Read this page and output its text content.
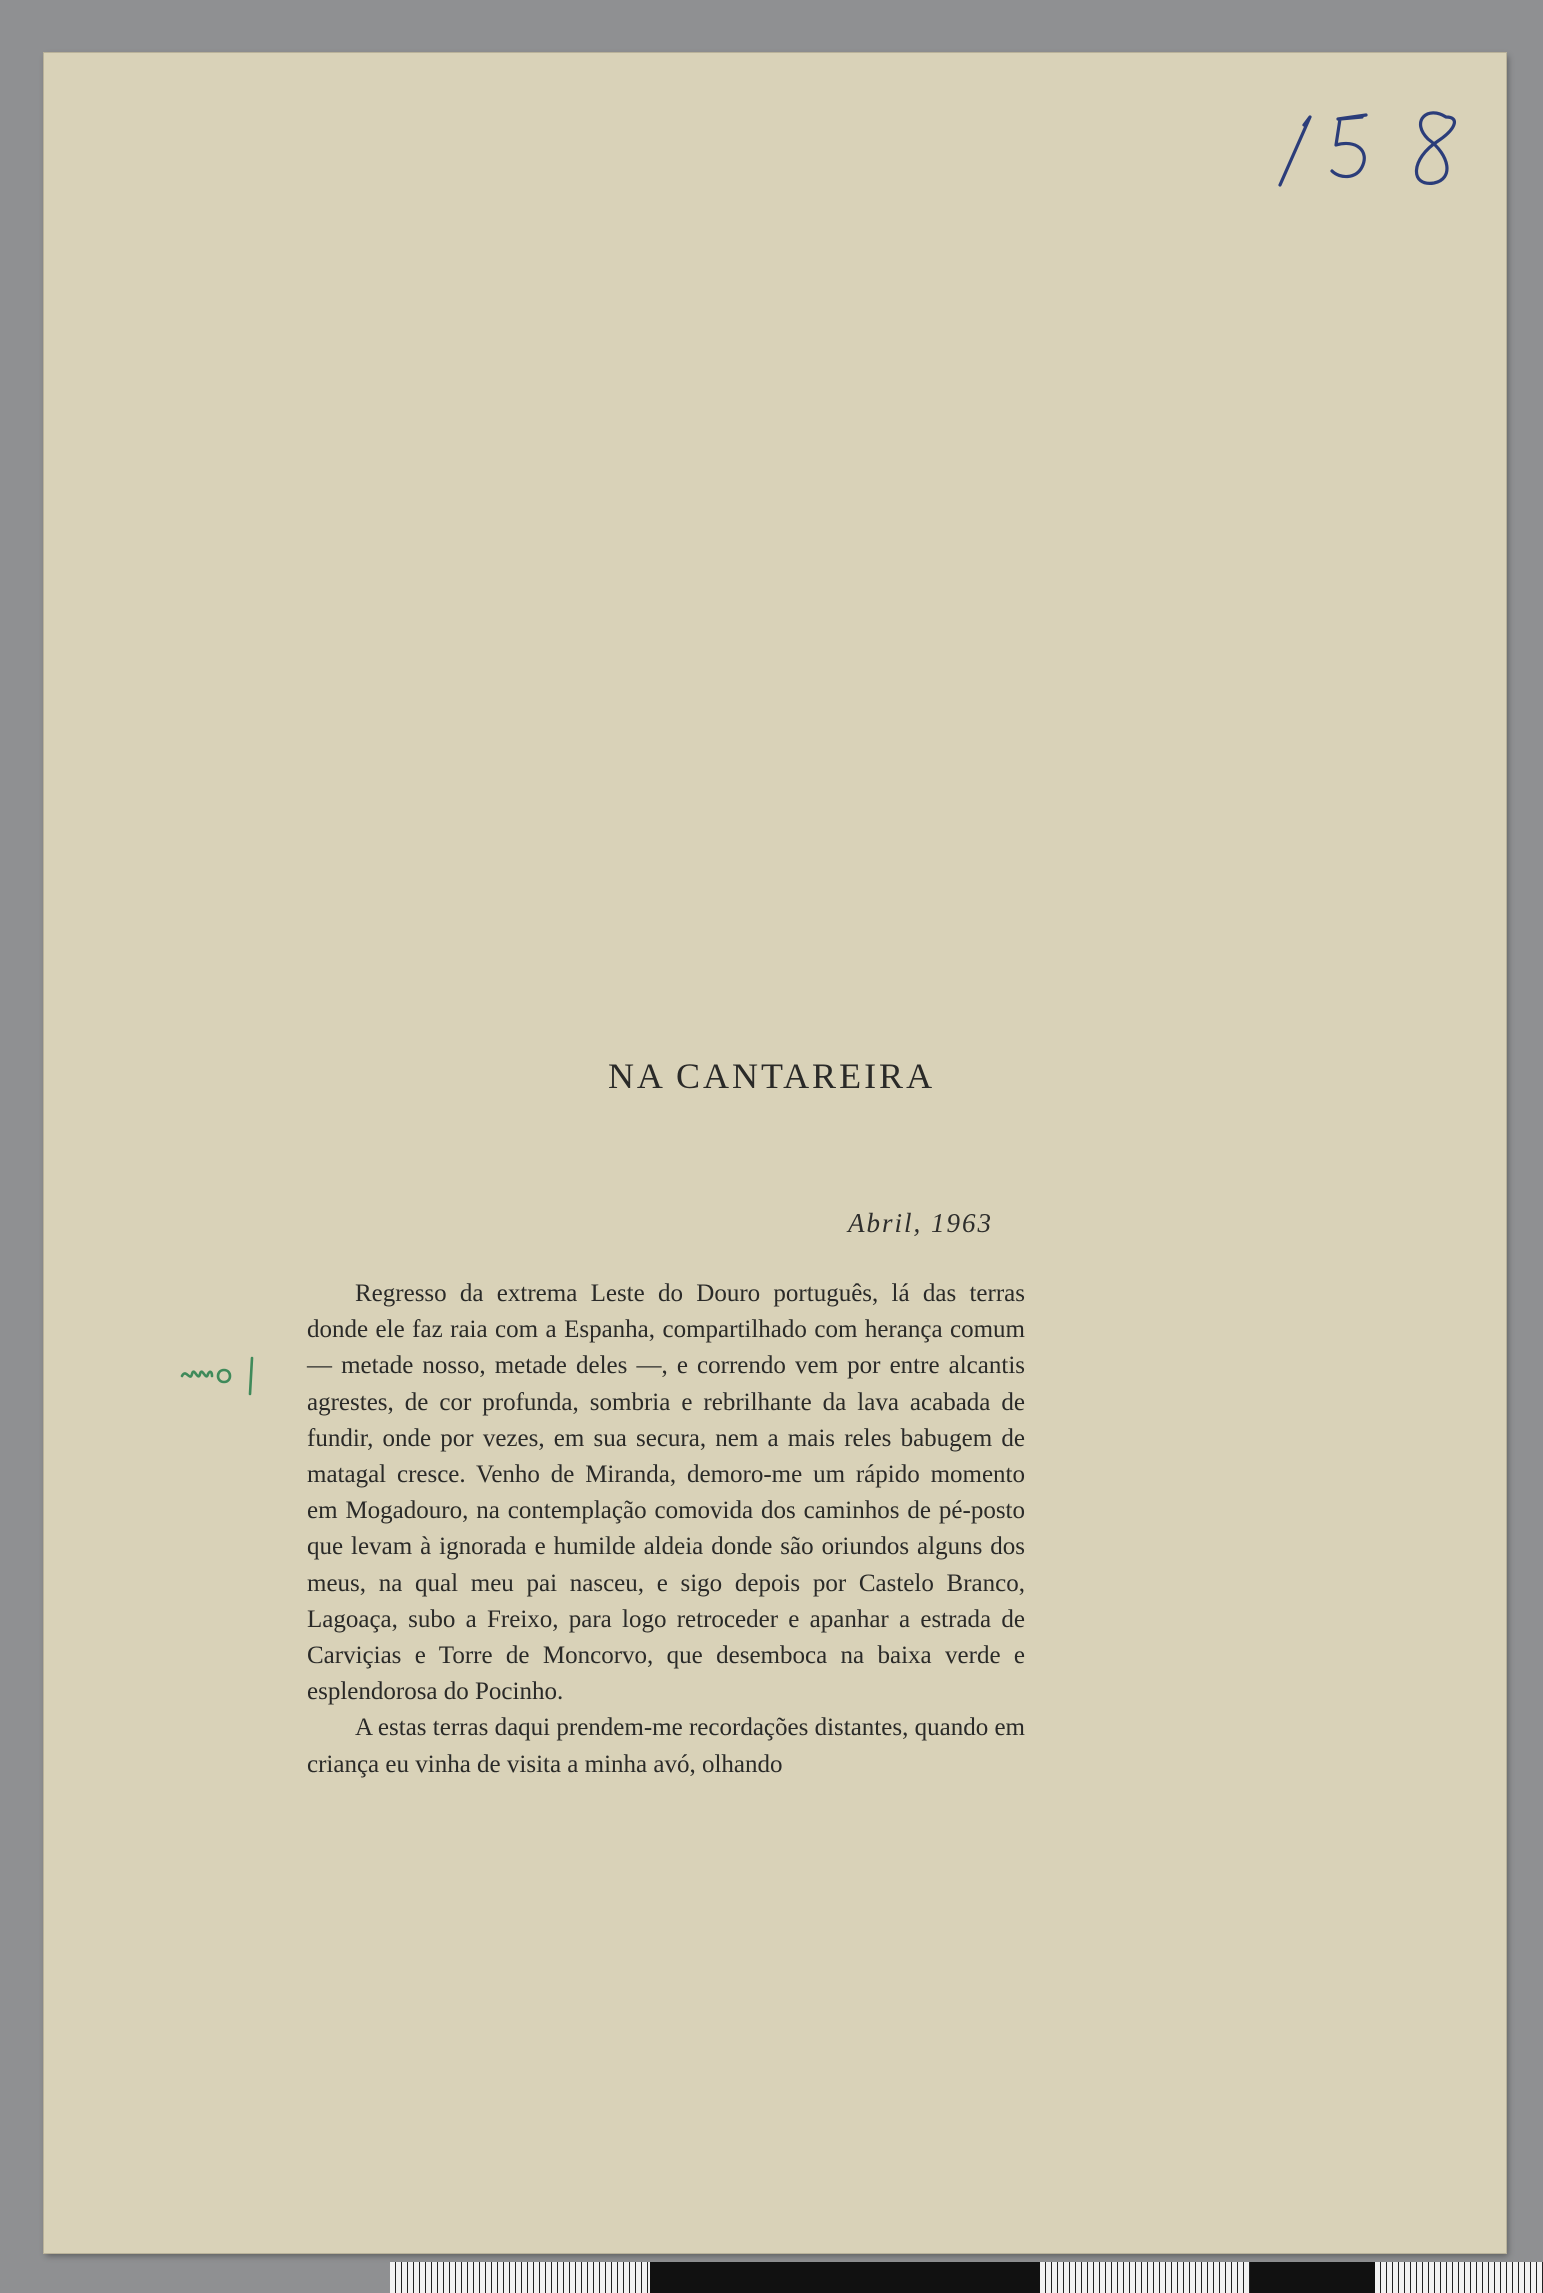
NA CANTAREIRA
Abril, 1963

Regresso da extrema Leste do Douro português, lá das terras donde ele faz raia com a Espanha, compartilhado com herança comum — metade nosso, metade deles —, e correndo vem por entre alcantis agrestes, de cor profunda, sombria e rebrilhante da lava acabada de fundir, onde por vezes, em sua secura, nem a mais reles babugem de matagal cresce. Venho de Miranda, demoro-me um rápido momento em Mogadouro, na contemplação comovida dos caminhos de pé-posto que levam à ignorada e humilde aldeia donde são oriundos alguns dos meus, na qual meu pai nasceu, e sigo depois por Castelo Branco, Lagoaça, subo a Freixo, para logo retroceder e apanhar a estrada de Carviçias e Torre de Moncorvo, que desemboca na baixa verde e esplendorosa do Pocinho.

A estas terras daqui prendem-me recordações distantes, quando em criança eu vinha de visita a minha avó, olhando
